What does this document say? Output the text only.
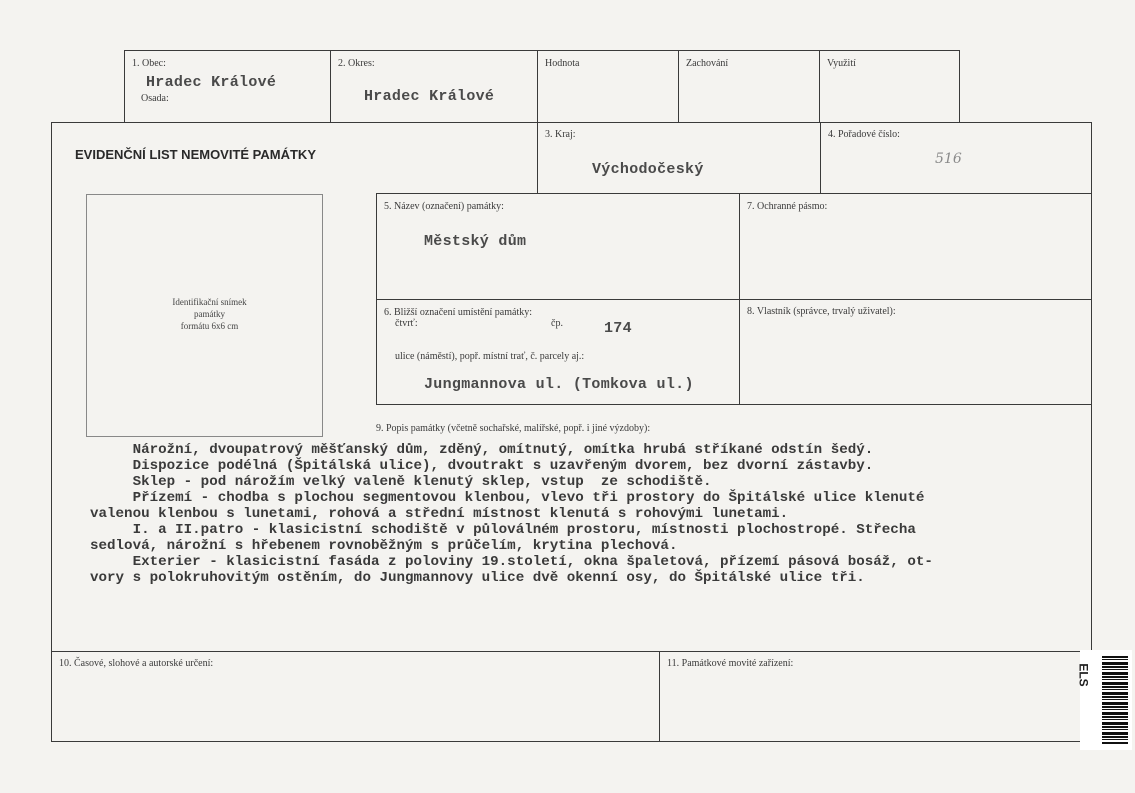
1. Obec:
Hradec Králové
Osada:
2. Okres:
Hradec Králové
Hodnota	Zachování	Využití
EVIDENČNÍ LIST NEMOVITÉ PAMÁTKY
3. Kraj:
Východočeský
4. Pořadové číslo:
516
Identifikační snímek
památky
formátu 6x6 cm
5. Název (označení) památky:
Městský dům
7. Ochranné pásmo:
6. Bližší označení umístění památky:
čtvrť:	čp.	174
ulice (náměstí), popř. místní trať, č. parcely aj.:
Jungmannova ul. (Tomkova ul.)
8. Vlastník (správce, trvalý uživatel):
9. Popis památky (včetně sochařské, malířské, popř. i jiné výzdoby):
Nárožní, dvoupatrový měšťanský dům, zděný, omítnutý, omítka hrubá stříkané odstín šedý.
Dispozice podélná (Špitálská ulice), dvoutrakt s uzavřeným dvorem, bez dvorní zástavby.
Sklep - pod nárožím velký valeně klenutý sklep, vstup  ze schodiště.
Přízemí - chodba s plochou segmentovou klenbou, vlevo tři prostory do Špitálské ulice klenuté
valenou klenbou s lunetami, rohová a střední místnost klenutá s rohovými lunetami.
I. a II.patro - klasicistní schodiště v půloválném prostoru, místnosti plochostropé. Střecha
sedlová, nárožní s hřebenem rovnoběžným s průčelím, krytina plechová.
Exterier - klasicistní fasáda z poloviny 19.století, okna špaletová, přízemí pásová bosáž, ot-
vory s polokruhovitým ostěním, do Jungmannovy ulice dvě okenní osy, do Špitálské ulice tři.
10. Časové, slohové a autorské určení:	11. Památkové movité zařízení:	ELS
